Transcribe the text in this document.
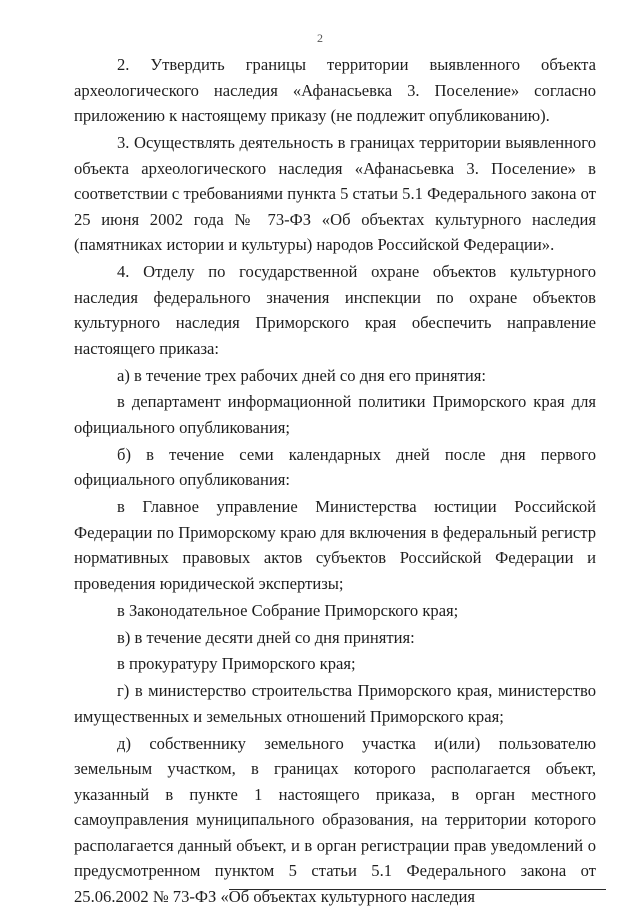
2

2. Утвердить границы территории выявленного объекта археологического наследия «Афанасьевка 3. Поселение» согласно приложению к настоящему приказу (не подлежит опубликованию).

3. Осуществлять деятельность в границах территории выявленного объекта археологического наследия «Афанасьевка 3. Поселение» в соответствии с требованиями пункта 5 статьи 5.1 Федерального закона от 25 июня 2002 года № 73-ФЗ «Об объектах культурного наследия (памятниках истории и культуры) народов Российской Федерации».

4. Отделу по государственной охране объектов культурного наследия федерального значения инспекции по охране объектов культурного наследия Приморского края обеспечить направление настоящего приказа:

а) в течение трех рабочих дней со дня его принятия:

в департамент информационной политики Приморского края для официального опубликования;

б) в течение семи календарных дней после дня первого официального опубликования:

в Главное управление Министерства юстиции Российской Федерации по Приморскому краю для включения в федеральный регистр нормативных правовых актов субъектов Российской Федерации и проведения юридической экспертизы;

в Законодательное Собрание Приморского края;

в) в течение десяти дней со дня принятия:

в прокуратуру Приморского края;

г) в министерство строительства Приморского края, министерство имущественных и земельных отношений Приморского края;

д) собственнику земельного участка и(или) пользователю земельным участком, в границах которого располагается объект, указанный в пункте 1 настоящего приказа, в орган местного самоуправления муниципального образования, на территории которого располагается данный объект, и в орган регистрации прав уведомлений о предусмотренном пунктом 5 статьи 5.1 Федерального закона от 25.06.2002 № 73-ФЗ «Об объектах культурного наследия
